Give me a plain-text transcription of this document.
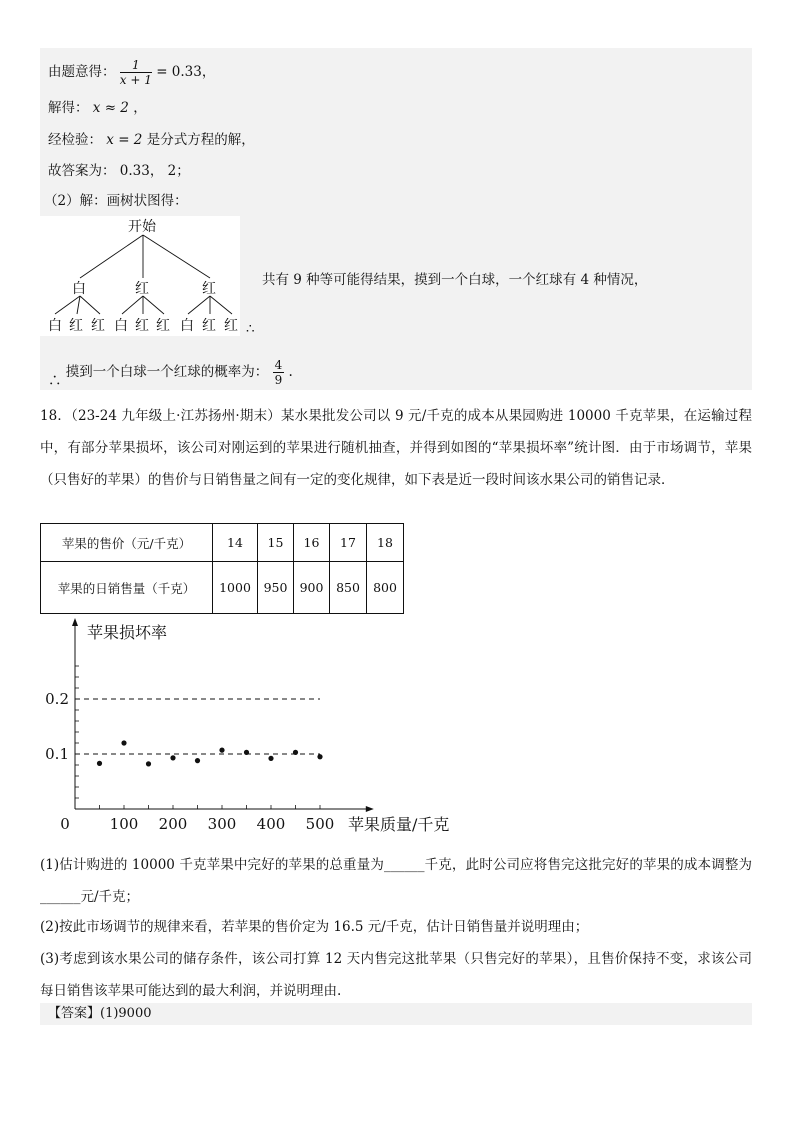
由题意得： $\frac{1}{x + 1} = 0.33$，
解得： x ≈ 2 ，
经检验： x = 2 是分式方程的解，
故答案为： 0.33， 2；
（2）解：画树状图得：
开始
白	红	红
白 红 红 白 红 红 白 红 红
共有 9 种等可能得结果，摸到一个白球，一个红球有 4 种情况，
∴
∴ 摸到一个白球一个红球的概率为： $\frac{4}{9}$ .
18．（23-24 九年级上·江苏扬州·期末）某水果批发公司以 9 元/千克的成本从果园购进 10000 千克苹果，在运输过程中，有部分苹果损坏，该公司对刚运到的苹果进行随机抽查，并得到如图的“苹果损坏率”统计图．由于市场调节，苹果（只售好的苹果）的售价与日销售量之间有一定的变化规律，如下表是近一段时间该水果公司的销售记录．
苹果的售价（元/千克）	14	15	16	17	18
苹果的日销售量（千克）	1000	950	900	850	800
100 200 300 400 500
0.1
0.2
0
苹果损坏率
苹果质量/千克
(1)估计购进的 10000 千克苹果中完好的苹果的总重量为______千克，此时公司应将售完这批完好的苹果的成本调整为______元/千克；
(2)按此市场调节的规律来看，若苹果的售价定为 16.5 元/千克，估计日销售量并说明理由；
(3)考虑到该水果公司的储存条件，该公司打算 12 天内售完这批苹果（只售完好的苹果），且售价保持不变，求该公司每日销售该苹果可能达到的最大利润，并说明理由.
【答案】(1)9000
